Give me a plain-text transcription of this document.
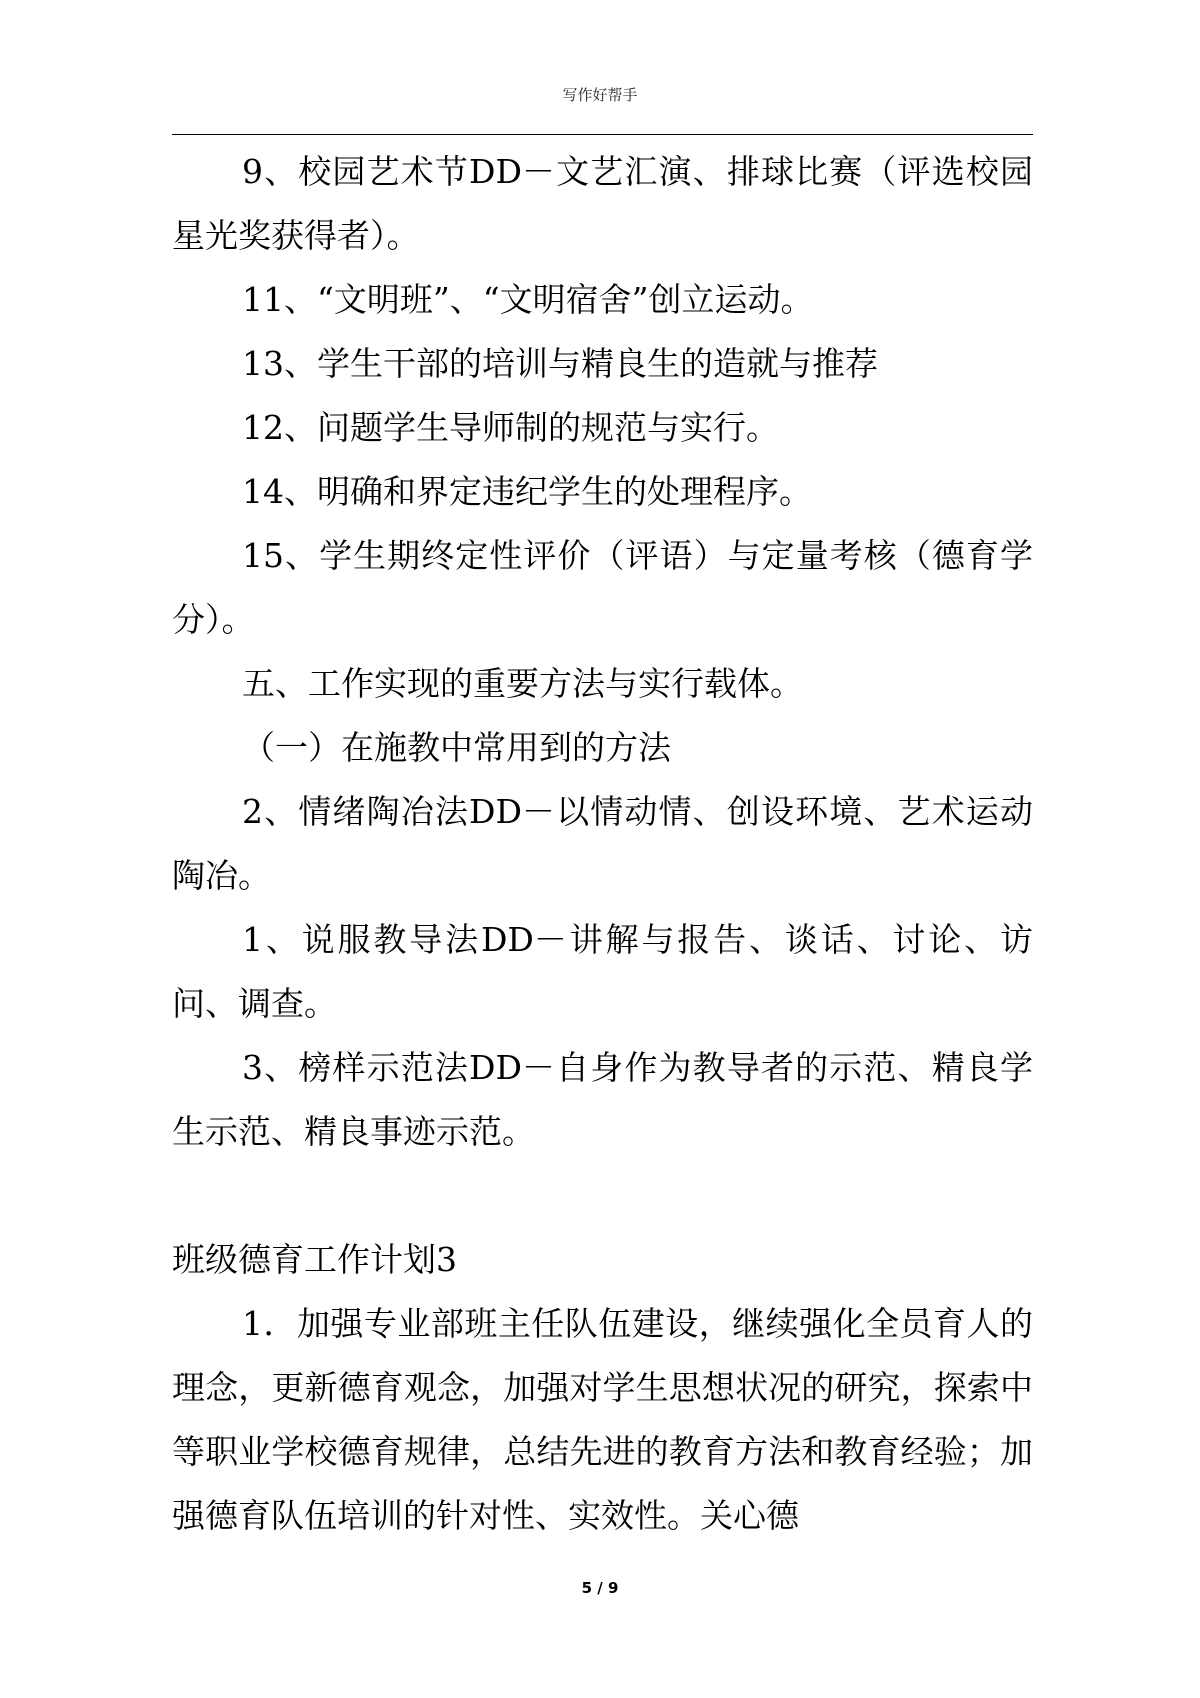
写作好帮手

9、校园艺术节DD－文艺汇演、排球比赛（评选校园星光奖获得者）。

11、“文明班”、“文明宿舍”创立运动。

13、学生干部的培训与精良生的造就与推荐

12、问题学生导师制的规范与实行。

14、明确和界定违纪学生的处理程序。

15、学生期终定性评价（评语）与定量考核（德育学分）。

五、工作实现的重要方法与实行载体。

（一）在施教中常用到的方法

2、情绪陶冶法DD－以情动情、创设环境、艺术运动陶冶。

1、说服教导法DD－讲解与报告、谈话、讨论、访问、调查。

3、榜样示范法DD－自身作为教导者的示范、精良学生示范、精良事迹示范。

班级德育工作计划3

1．加强专业部班主任队伍建设，继续强化全员育人的理念，更新德育观念，加强对学生思想状况的研究，探索中等职业学校德育规律，总结先进的教育方法和教育经验；加强德育队伍培训的针对性、实效性。关心德

5 / 9
